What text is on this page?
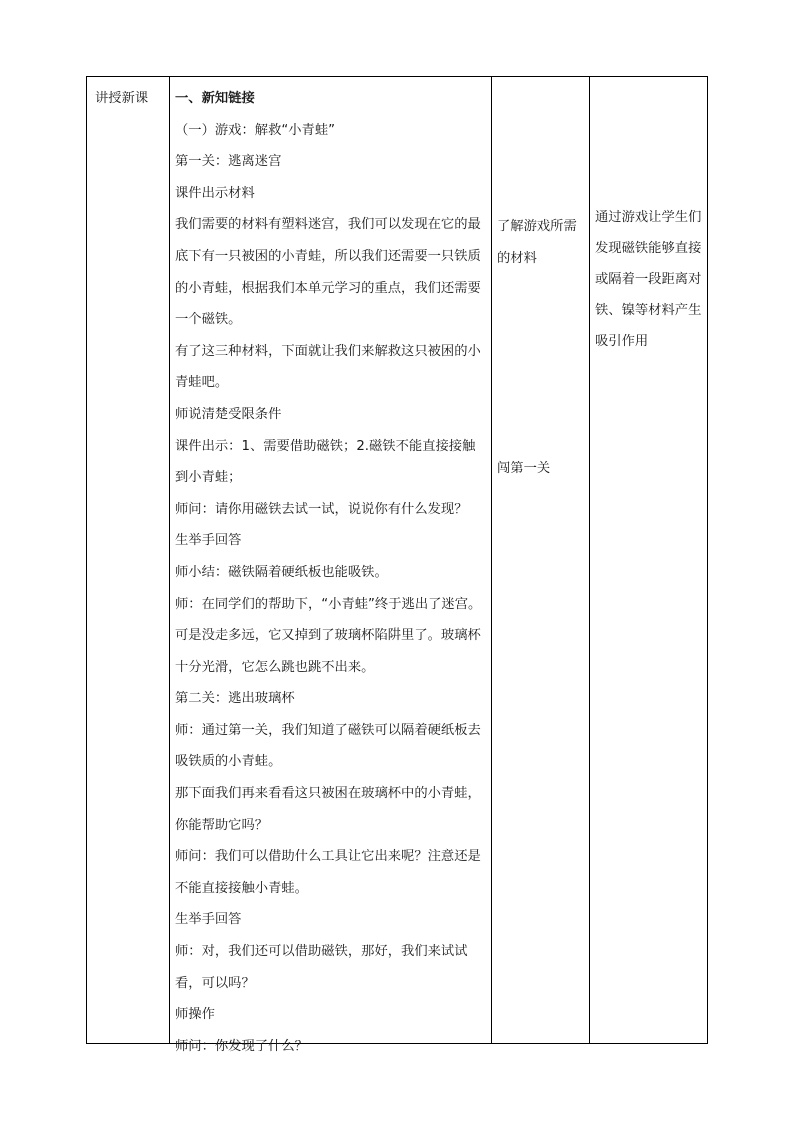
讲授新课	一、新知链接

（一）游戏：解救“小青蛙”

第一关：逃离迷宫

课件出示材料

我们需要的材料有塑料迷宫，我们可以发现在它的最底下有一只被困的小青蛙，所以我们还需要一只铁质的小青蛙，根据我们本单元学习的重点，我们还需要一个磁铁。

有了这三种材料，下面就让我们来解救这只被困的小青蛙吧。

师说清楚受限条件

课件出示：1、需要借助磁铁；2.磁铁不能直接接触到小青蛙；

师问：请你用磁铁去试一试，说说你有什么发现？

生举手回答

师小结：磁铁隔着硬纸板也能吸铁。

师：在同学们的帮助下，“小青蛙”终于逃出了迷宫。可是没走多远，它又掉到了玻璃杯陷阱里了。玻璃杯十分光滑，它怎么跳也跳不出来。

第二关：逃出玻璃杯

师：通过第一关，我们知道了磁铁可以隔着硬纸板去吸铁质的小青蛙。

那下面我们再来看看这只被困在玻璃杯中的小青蛙，你能帮助它吗？

师问：我们可以借助什么工具让它出来呢？注意还是不能直接接触小青蛙。

生举手回答

师：对，我们还可以借助磁铁，那好，我们来试试看，可以吗？

师操作

师问：你发现了什么？

了解游戏所需的材料
闯第一关
通过游戏让学生们发现磁铁能够直接或隔着一段距离对铁、镍等材料产生吸引作用
